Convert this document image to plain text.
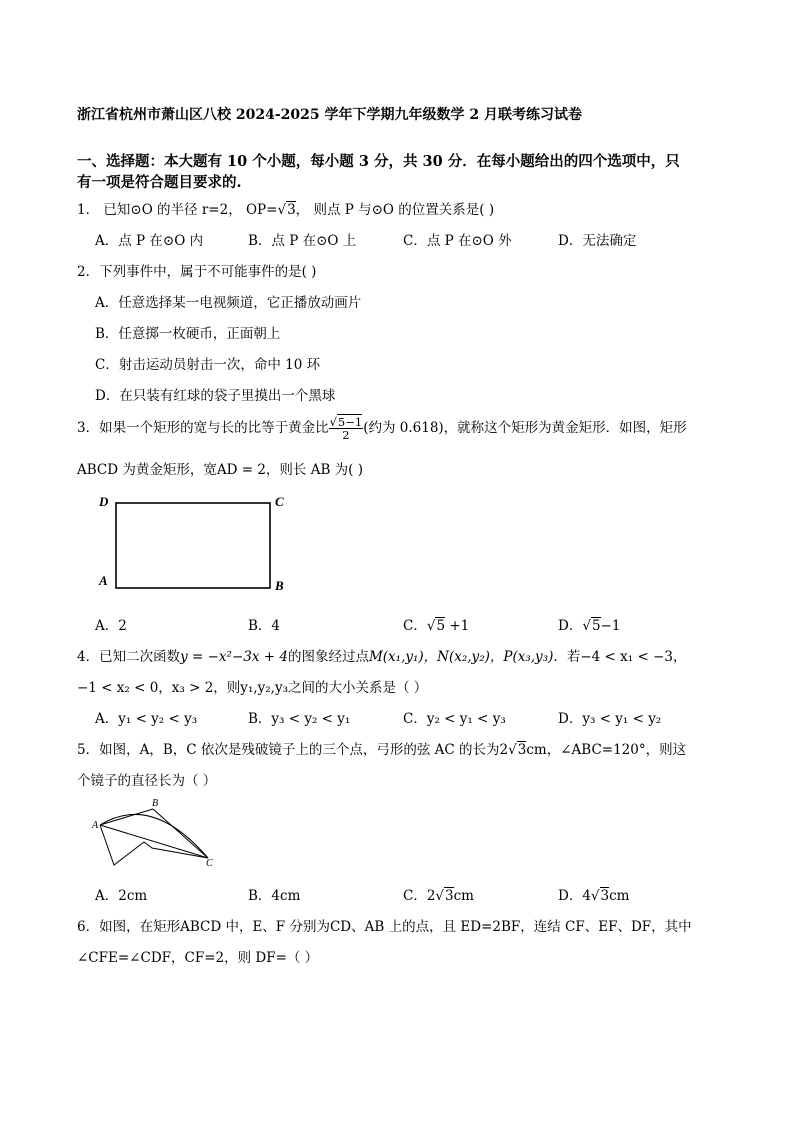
浙江省杭州市萧山区八校 2024-2025 学年下学期九年级数学 2 月联考练习试卷
一、选择题：本大题有 10 个小题，每小题 3 分，共 30 分．在每小题给出的四个选项中，只
有一项是符合题目要求的.
1． 已知⊙O 的半径 r=2， OP=√3， 则点 P 与⊙O 的位置关系是( )
A．点 P 在⊙O 内	B．点 P 在⊙O 上	C．点 P 在⊙O 外	D．无法确定
2．下列事件中，属于不可能事件的是( )
A．任意选择某一电视频道，它正播放动画片
B．任意掷一枚硬币，正面朝上
C．射击运动员射击一次，命中 10 环
D．在只装有红球的袋子里摸出一个黑球
3．如果一个矩形的宽与长的比等于黄金比 $\frac{√5-1}{2}$ (约为 0.618)，就称这个矩形为黄金矩形．如图，矩形
ABCD 为黄金矩形，宽AD = 2，则长 AB 为( )
D	C
A	B
A．2	B．4	C．√5 +1	D．√5−1
4．已知二次函数y = −x²−3x + 4的图象经过点M(x₁,y₁)，N(x₂,y₂)，P(x₃,y₃)．若−4 < x₁ < −3，
−1 < x₂ < 0，x₃ > 2，则y₁,y₂,y₃之间的大小关系是（ ）
A．y₁ < y₂ < y₃	B．y₃ < y₂ < y₁	C．y₂ < y₁ < y₃	D．y₃ < y₁ < y₂
5．如图，A，B，C 依次是残破镜子上的三个点，弓形的弦 AC 的长为2√3cm，∠ABC=120°，则这
个镜子的直径长为（ ）
A
B
C
A．2cm	B．4cm	C．2√3cm	D．4√3cm
6．如图，在矩形ABCD 中，E、F 分别为CD、AB 上的点，且 ED=2BF，连结 CF、EF、DF，其中
∠CFE=∠CDF，CF=2，则 DF=（ ）
